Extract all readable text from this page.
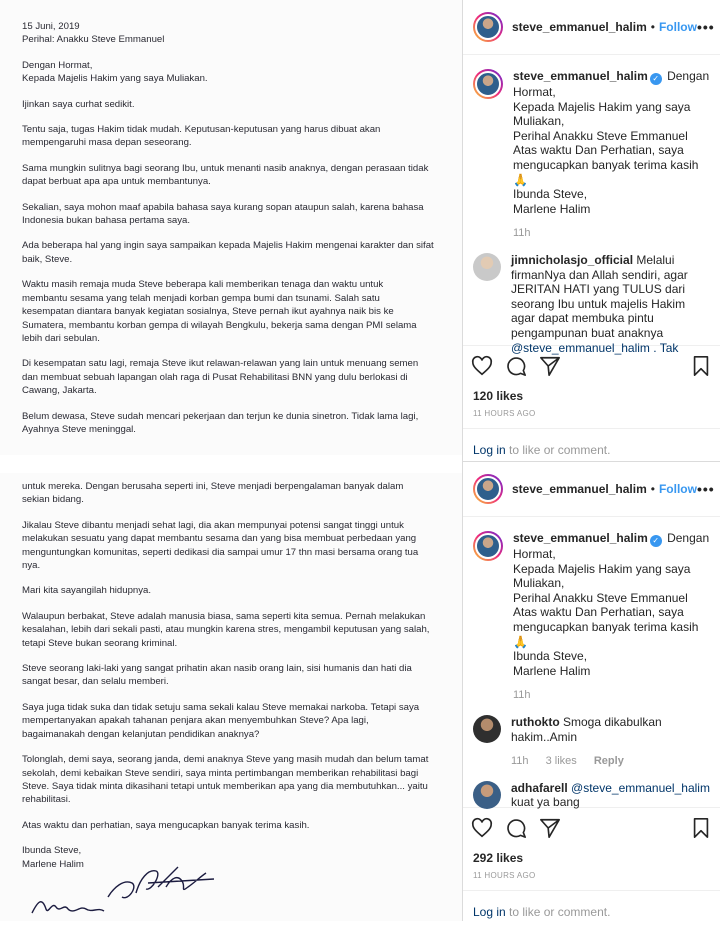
15 Juni, 2019

Perihal: Anakku Steve Emmanuel

Dengan Hormat,
Kepada Majelis Hakim yang saya Muliakan.

Ijinkan saya curhat sedikit.

Tentu saja, tugas Hakim tidak mudah. Keputusan-keputusan yang harus dibuat akan
mempengaruhi masa depan seseorang.

Sama mungkin sulitnya bagi seorang Ibu, untuk menanti nasib anaknya, dengan perasaan tidak
dapat berbuat apa apa untuk membantunya.

Sekalian, saya mohon maaf apabila bahasa saya kurang sopan ataupun salah, karena bahasa
Indonesia bukan bahasa pertama saya.

Ada beberapa hal yang ingin saya sampaikan kepada Majelis Hakim mengenai karakter dan sifat
baik, Steve.

Waktu masih remaja muda Steve beberapa kali memberikan tenaga dan waktu untuk
membantu sesama yang telah menjadi korban gempa bumi dan tsunami. Salah satu
kesempatan diantara banyak kegiatan sosialnya, Steve pernah ikut ayahnya naik bis ke
Sumatera, membantu korban gempa di wilayah Bengkulu, bekerja sama dengan PMI selama
lebih dari sebulan.

Di kesempatan satu lagi, remaja Steve ikut relawan-relawan yang lain untuk menuang semen
dan membuat sebuah lapangan olah raga di Pusat Rehabilitasi BNN yang dulu berlokasi di
Cawang, Jakarta.

Belum dewasa, Steve sudah mencari pekerjaan dan terjun ke dunia sinetron. Tidak lama lagi,
Ayahnya Steve meninggal.

untuk mereka. Dengan berusaha seperti ini, Steve menjadi berpengalaman banyak dalam
sekian bidang.

Jikalau Steve dibantu menjadi sehat lagi, dia akan mempunyai potensi sangat tinggi untuk
melakukan sesuatu yang dapat membantu sesama dan yang bisa membuat perbedaan yang
menguntungkan komunitas, seperti dedikasi dia sampai umur 17 thn masi bersama orang tua
nya.

Mari kita sayangilah hidupnya.

Walaupun berbakat, Steve adalah manusia biasa, sama seperti kita semua. Pernah melakukan
kesalahan, lebih dari sekali pasti, atau mungkin karena stres, mengambil keputusan yang salah,
tetapi Steve bukan seorang kriminal.

Steve seorang laki-laki yang sangat prihatin akan nasib orang lain, sisi humanis dan hati dia
sangat besar, dan selalu memberi.

Saya juga tidak suka dan tidak setuju sama sekali kalau Steve memakai narkoba. Tetapi saya
mempertanyakan apakah tahanan penjara akan menyembuhkan Steve? Apa lagi,
bagaimanakah dengan kelanjutan pendidikan anaknya?

Tolonglah, demi saya, seorang janda, demi anaknya Steve yang masih mudah dan belum tamat
sekolah, demi kebaikan Steve sendiri, saya minta pertimbangan memberikan rehabilitasi bagi
Steve. Saya tidak minta dikasihani tetapi untuk memberikan apa yang dia membutuhkan... yaitu
rehabilitasi.

Atas waktu dan perhatian, saya mengucapkan banyak terima kasih.

Ibunda Steve,

Marlene Halim

steve_emmanuel_halim • Follow •••
steve_emmanuel_halim ✓ Dengan Hormat,
Kepada Majelis Hakim yang saya Muliakan,
Perihal Anakku Steve Emmanuel
Atas waktu Dan Perhatian, saya mengucapkan banyak terima kasih 🙏
Ibunda Steve,
Marlene Halim
11h
jimnicholasjo_official Melalui firmanNya dan Allah sendiri, agar JERITAN HATI yang TULUS dari seorang Ibu untuk majelis Hakim agar dapat membuka pintu pengampunan buat anaknya @steve_emmanuel_halim . Tak
120 likes
11 HOURS AGO
Log in to like or comment.
steve_emmanuel_halim • Follow •••
steve_emmanuel_halim ✓ Dengan Hormat,
Kepada Majelis Hakim yang saya Muliakan,
Perihal Anakku Steve Emmanuel
Atas waktu Dan Perhatian, saya mengucapkan banyak terima kasih 🙏
Ibunda Steve,
Marlene Halim
11h
ruthokto Smoga dikabulkan hakim..Amin
11h 3 likes Reply
adhafarell @steve_emmanuel_halim kuat ya bang
292 likes
11 HOURS AGO
Log in to like or comment.
